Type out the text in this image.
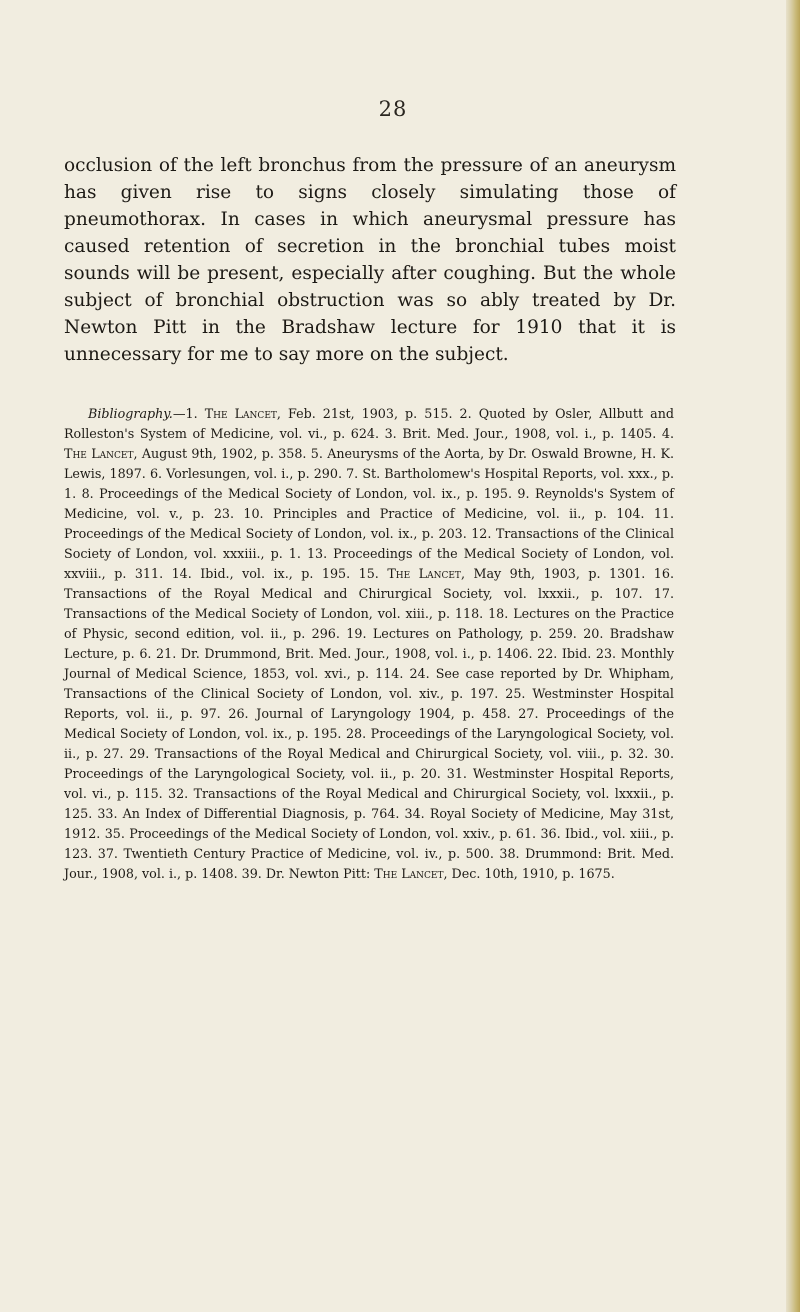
28

occlusion of the left bronchus from the pressure of an aneurysm has given rise to signs closely simulating those of pneumothorax. In cases in which aneurysmal pressure has caused retention of secretion in the bronchial tubes moist sounds will be present, especially after coughing. But the whole subject of bronchial obstruction was so ably treated by Dr. Newton Pitt in the Bradshaw lecture for 1910 that it is unnecessary for me to say more on the subject.

Bibliography.—1. The Lancet, Feb. 21st, 1903, p. 515. 2. Quoted by Osler, Allbutt and Rolleston's System of Medicine, vol. vi., p. 624. 3. Brit. Med. Jour., 1908, vol. i., p. 1405. 4. The Lancet, August 9th, 1902, p. 358. 5. Aneurysms of the Aorta, by Dr. Oswald Browne, H. K. Lewis, 1897. 6. Vorlesungen, vol. i., p. 290. 7. St. Bartholomew's Hospital Reports, vol. xxx., p. 1. 8. Proceedings of the Medical Society of London, vol. ix., p. 195. 9. Reynolds's System of Medicine, vol. v., p. 23. 10. Principles and Practice of Medicine, vol. ii., p. 104. 11. Proceedings of the Medical Society of London, vol. ix., p. 203. 12. Transactions of the Clinical Society of London, vol. xxxiii., p. 1. 13. Proceedings of the Medical Society of London, vol. xxviii., p. 311. 14. Ibid., vol. ix., p. 195. 15. The Lancet, May 9th, 1903, p. 1301. 16. Transactions of the Royal Medical and Chirurgical Society, vol. lxxxii., p. 107. 17. Transactions of the Medical Society of London, vol. xiii., p. 118. 18. Lectures on the Practice of Physic, second edition, vol. ii., p. 296. 19. Lectures on Pathology, p. 259. 20. Bradshaw Lecture, p. 6. 21. Dr. Drummond, Brit. Med. Jour., 1908, vol. i., p. 1406. 22. Ibid. 23. Monthly Journal of Medical Science, 1853, vol. xvi., p. 114. 24. See case reported by Dr. Whipham, Transactions of the Clinical Society of London, vol. xiv., p. 197. 25. Westminster Hospital Reports, vol. ii., p. 97. 26. Journal of Laryngology 1904, p. 458. 27. Proceedings of the Medical Society of London, vol. ix., p. 195. 28. Proceedings of the Laryngological Society, vol. ii., p. 27. 29. Transactions of the Royal Medical and Chirurgical Society, vol. viii., p. 32. 30. Proceedings of the Laryngological Society, vol. ii., p. 20. 31. Westminster Hospital Reports, vol. vi., p. 115. 32. Transactions of the Royal Medical and Chirurgical Society, vol. lxxxii., p. 125. 33. An Index of Differential Diagnosis, p. 764. 34. Royal Society of Medicine, May 31st, 1912. 35. Proceedings of the Medical Society of London, vol. xxiv., p. 61. 36. Ibid., vol. xiii., p. 123. 37. Twentieth Century Practice of Medicine, vol. iv., p. 500. 38. Drummond: Brit. Med. Jour., 1908, vol. i., p. 1408. 39. Dr. Newton Pitt: The Lancet, Dec. 10th, 1910, p. 1675.
